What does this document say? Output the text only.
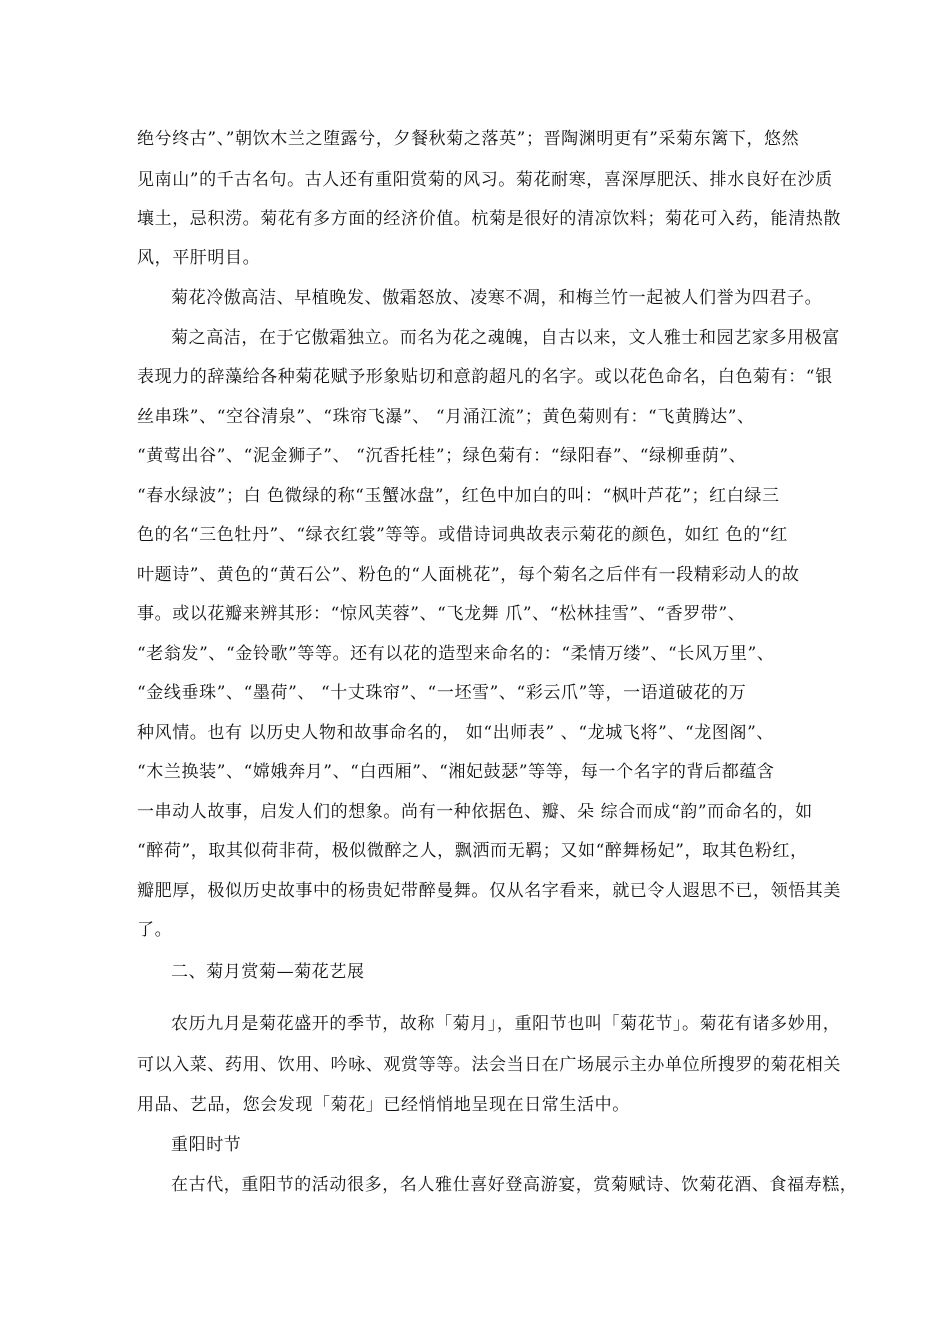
绝兮终古”、”朝饮木兰之堕露兮，夕餐秋菊之落英”；晋陶渊明更有”采菊东篱下，悠然
见南山”的千古名句。古人还有重阳赏菊的风习。菊花耐寒，喜深厚肥沃、排水良好在沙质
壤土，忌积涝。菊花有多方面的经济价值。杭菊是很好的清凉饮料；菊花可入药，能清热散
风，平肝明目。
菊花冷傲高洁、早植晚发、傲霜怒放、凌寒不凋，和梅兰竹一起被人们誉为四君子。
菊之高洁，在于它傲霜独立。而名为花之魂魄，自古以来，文人雅士和园艺家多用极富
表现力的辞藻给各种菊花赋予形象贴切和意韵超凡的名字。或以花色命名，白色菊有：“银
丝串珠”、“空谷清泉”、“珠帘飞瀑”、 “月涌江流”；黄色菊则有：“飞黄腾达”、
“黄莺出谷”、“泥金狮子”、 “沉香托桂”；绿色菊有：“绿阳春”、“绿柳垂荫”、
“春水绿波”；白 色微绿的称“玉蟹冰盘”，红色中加白的叫：“枫叶芦花”；红白绿三
色的名“三色牡丹”、“绿衣红裳”等等。或借诗词典故表示菊花的颜色，如红 色的“红
叶题诗”、黄色的“黄石公”、粉色的“人面桃花”，每个菊名之后伴有一段精彩动人的故
事。或以花瓣来辨其形：“惊风芙蓉”、“飞龙舞 爪”、“松林挂雪”、“香罗带”、
“老翁发”、“金铃歌”等等。还有以花的造型来命名的：“柔情万缕”、“长风万里”、
“金线垂珠”、“墨荷”、 “十丈珠帘”、“一坯雪”、“彩云爪”等，一语道破花的万
种风情。也有 以历史人物和故事命名的， 如“出师表” 、“龙城飞将”、“龙图阁”、
“木兰换装”、“嫦娥奔月”、“白西厢”、“湘妃鼓瑟”等等，每一个名字的背后都蕴含
一串动人故事，启发人们的想象。尚有一种依据色、瓣、朵 综合而成“韵”而命名的，如
“醉荷”，取其似荷非荷，极似微醉之人，飘洒而无羁；又如“醉舞杨妃”，取其色粉红，
瓣肥厚，极似历史故事中的杨贵妃带醉曼舞。仅从名字看来，就已令人遐思不已，领悟其美
了。
二、菊月赏菊—菊花艺展
农历九月是菊花盛开的季节，故称「菊月」，重阳节也叫「菊花节」。菊花有诸多妙用，
可以入菜、药用、饮用、吟咏、观赏等等。法会当日在广场展示主办单位所搜罗的菊花相关
用品、艺品，您会发现「菊花」已经悄悄地呈现在日常生活中。
重阳时节
在古代，重阳节的活动很多，名人雅仕喜好登高游宴，赏菊赋诗、饮菊花酒、食福寿糕，
